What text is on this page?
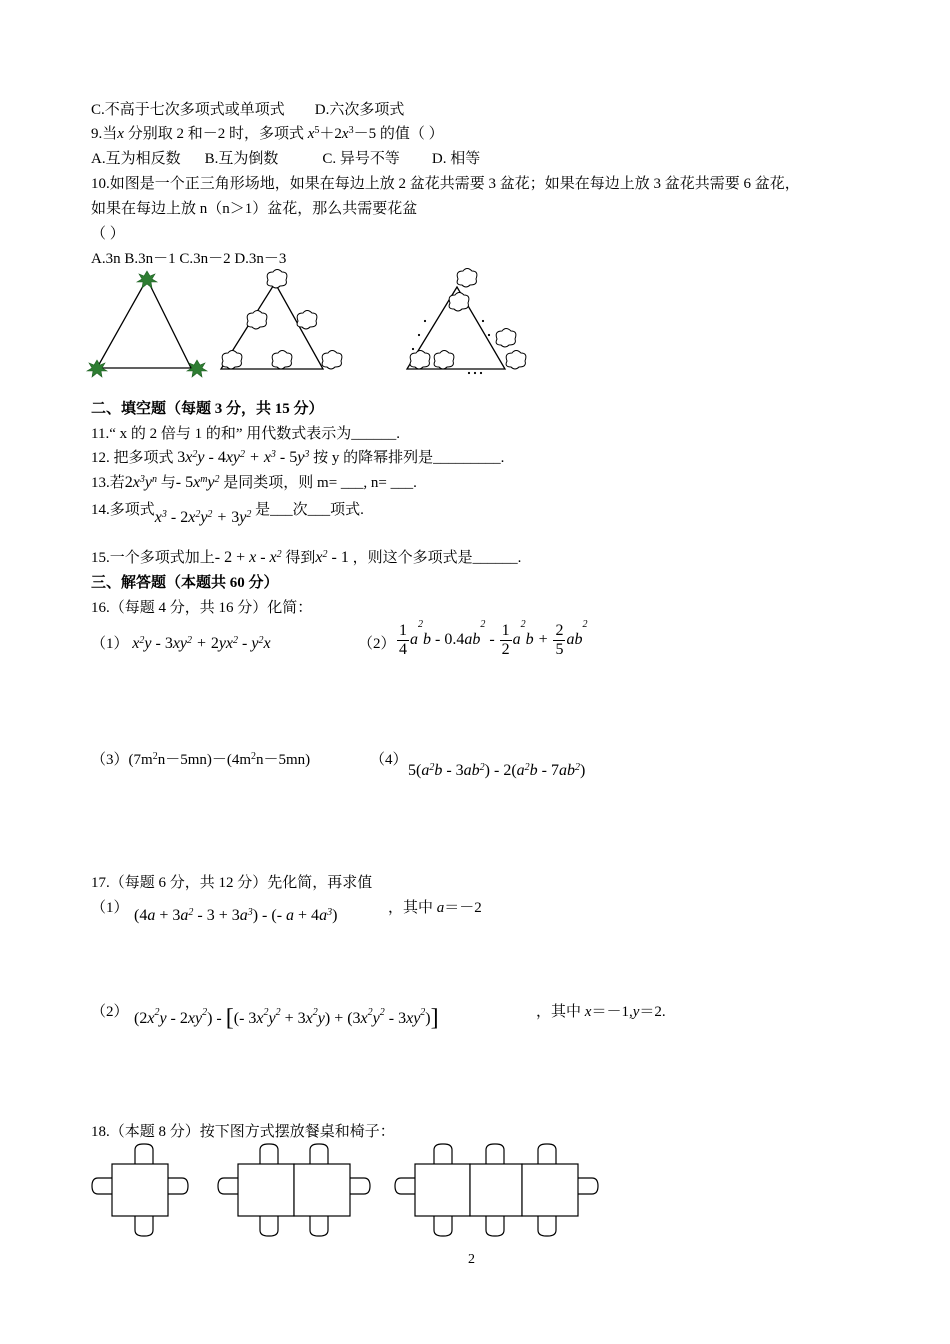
C.不高于七次多项式或单项式 D.六次多项式
9.当x 分别取 2 和－2 时，多项式 $x^5+2x^3-5$ 的值（ ）
A.互为相反数 B.互为倒数	C. 异号不等 D. 相等
10.如图是一个正三角形场地，如果在每边上放 2 盆花共需要 3 盆花；如果在每边上放 3 盆花共需要 6 盆花，
如果在每边上放 n（n＞1）盆花，那么共需要花盆
（ ）
A.3n B.3n－1 C.3n－2 D.3n－3
二、填空题（每题 3 分，共 15 分）
11.“ x 的 2 倍与 1 的和” 用代数式表示为______.
12. 把多项式 $3x^2y - 4xy^2 + x^3 - 5y^3$ 按 y 的降幂排列是_________.
13.若$2x^3y^n$ 与- $5x^my^2$ 是同类项，则 m= ___, n= ___.
14.多项式$x^3 - 2x^2y^2 + 3y^2$ 是___次___项式.
15.一个多项式加上- $2 + x - x^2$ 得到$x^2 - 1$ ，则这个多项式是______.
三、解答题（本题共 60 分）
16.（每题 4 分，共 16 分）化简：
（1） $x^2y - 3xy^2 + 2yx^2 - y^2x$	$(2) \frac{1}{4} a^2b - 0.4ab^2 - \frac{1}{2} a^2b + \frac{2}{5} ab^2$
$(3)(7m^2n-5mn)-(4m^2n-5mn)$	（4）
$5(a^2b - 3ab^2) - 2(a^2b - 7ab^2)$
17.（每题 6 分，共 12 分）先化简，再求值
（1） $(4a + 3a^2 - 3 + 3a^3)$ - (- $a + 4a^3$)	，其中 a＝－2
（2） $(2x^2y - 2xy^2)$ - [(- $3x^2y^2 + 3x^2y) + (3x^2y^2 - 3xy^2)$]	，其中 x＝－1,y＝2.
18.（本题 8 分）按下图方式摆放餐桌和椅子：
2
